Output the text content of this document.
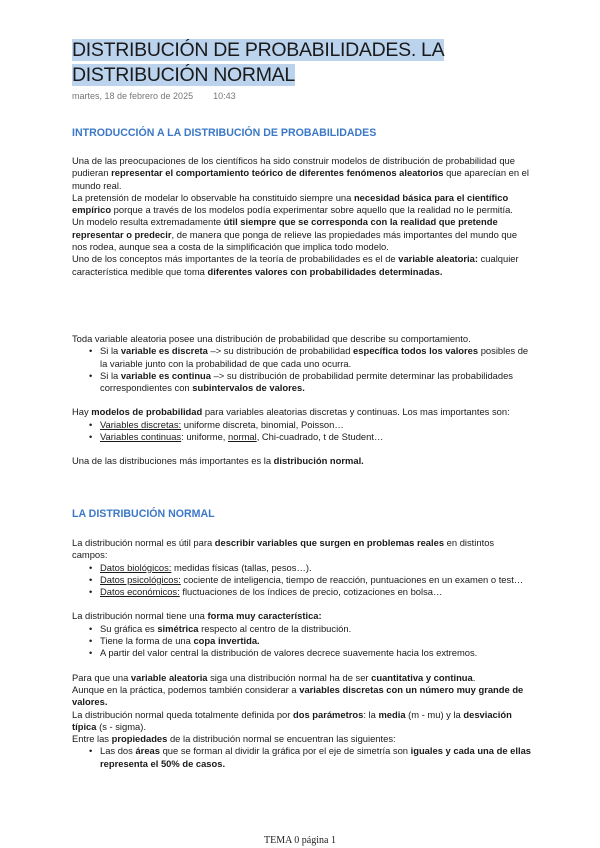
DISTRIBUCIÓN DE PROBABILIDADES. LA DISTRIBUCIÓN NORMAL
martes, 18 de febrero de 2025 10:43
INTRODUCCIÓN A LA DISTRIBUCIÓN DE PROBABILIDADES

Una de las preocupaciones de los científicos ha sido construir modelos de distribución de probabilidad que pudieran representar el comportamiento teórico de diferentes fenómenos aleatorios que aparecían en el mundo real.

La pretensión de modelar lo observable ha constituido siempre una necesidad básica para el científico empírico porque a través de los modelos podía experimentar sobre aquello que la realidad no le permitía.

Un modelo resulta extremadamente útil siempre que se corresponda con la realidad que pretende representar o predecir, de manera que ponga de relieve las propiedades más importantes del mundo que nos rodea, aunque sea a costa de la simplificación que implica todo modelo.

Uno de los conceptos más importantes de la teoría de probabilidades es el de variable aleatoria: cualquier característica medible que toma diferentes valores con probabilidades determinadas.

Toda variable aleatoria posee una distribución de probabilidad que describe su comportamiento.

• Si la variable es discreta –> su distribución de probabilidad específica todos los valores posibles de la variable junto con la probabilidad de que cada uno ocurra.
• Si la variable es continua –> su distribución de probabilidad permite determinar las probabilidades correspondientes con subintervalos de valores.

Hay modelos de probabilidad para variables aleatorias discretas y continuas. Los mas importantes son:

• Variables discretas: uniforme discreta, binomial, Poisson…
• Variables continuas: uniforme, normal, Chi-cuadrado, t de Student…

Una de las distribuciones más importantes es la distribución normal.

LA DISTRIBUCIÓN NORMAL

La distribución normal es útil para describir variables que surgen en problemas reales en distintos campos:

• Datos biológicos: medidas físicas (tallas, pesos…).
• Datos psicológicos: cociente de inteligencia, tiempo de reacción, puntuaciones en un examen o test…
• Datos económicos: fluctuaciones de los índices de precio, cotizaciones en bolsa…

La distribución normal tiene una forma muy característica:

• Su gráfica es simétrica respecto al centro de la distribución.
• Tiene la forma de una copa invertida.
• A partir del valor central la distribución de valores decrece suavemente hacia los extremos.

Para que una variable aleatoria siga una distribución normal ha de ser cuantitativa y continua.

Aunque en la práctica, podemos también considerar a variables discretas con un número muy grande de valores.

La distribución normal queda totalmente definida por dos parámetros: la media (m - mu) y la desviación típica (s - sigma).

Entre las propiedades de la distribución normal se encuentran las siguientes:

• Las dos áreas que se forman al dividir la gráfica por el eje de simetría son iguales y cada una de ellas representa el 50% de casos.
TEMA 0 página 1
